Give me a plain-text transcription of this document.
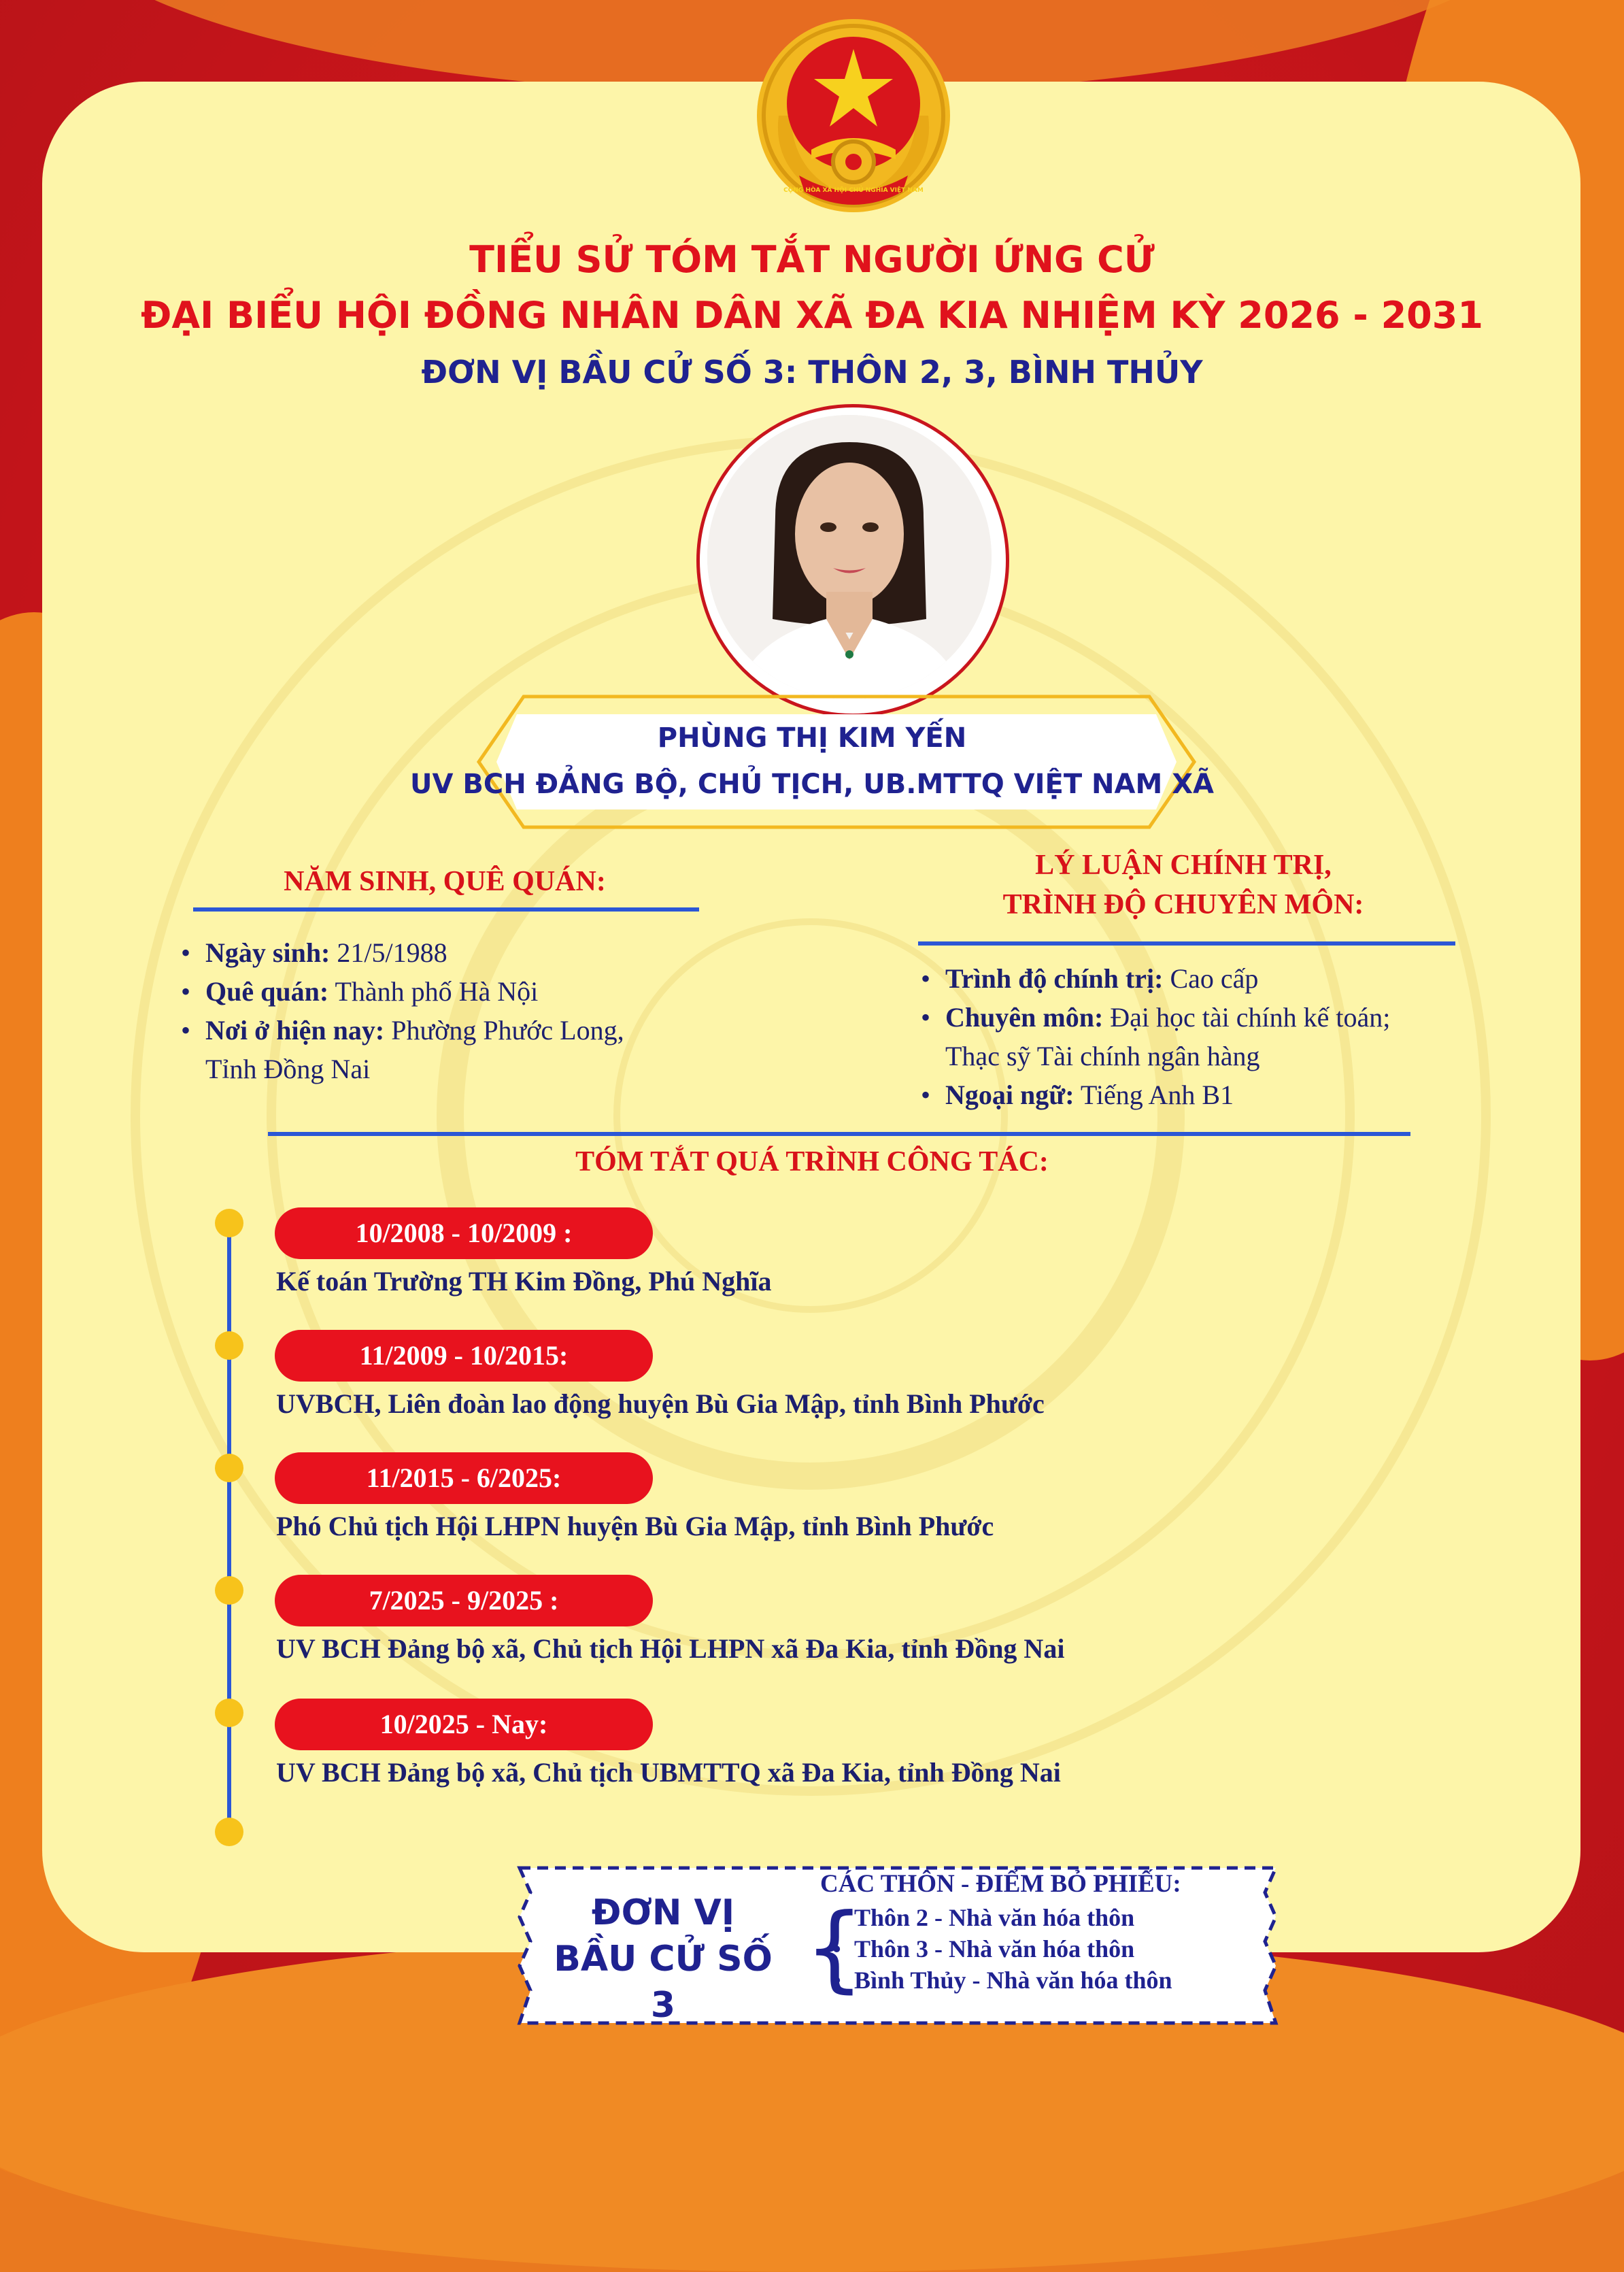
CỘNG HÒA XÃ HỘI CHỦ NGHĨA VIỆT NAM

TIỂU SỬ TÓM TẮT NGƯỜI ỨNG CỬ

ĐẠI BIỂU HỘI ĐỒNG NHÂN DÂN XÃ ĐA KIA NHIỆM KỲ 2026 - 2031

ĐƠN VỊ BẦU CỬ SỐ 3: THÔN 2, 3, BÌNH THỦY

PHÙNG THỊ KIM YẾN

UV BCH ĐẢNG BỘ, CHỦ TỊCH, UB.MTTQ VIỆT NAM XÃ

NĂM SINH, QUÊ QUÁN:

• Ngày sinh: 21/5/1988
• Quê quán: Thành phố Hà Nội
• Nơi ở hiện nay: Phường Phước Long,
Tỉnh Đồng Nai

LÝ LUẬN CHÍNH TRỊ,

TRÌNH ĐỘ CHUYÊN MÔN:

• Trình độ chính trị: Cao cấp
• Chuyên môn: Đại học tài chính kế toán;
Thạc sỹ Tài chính ngân hàng
• Ngoại ngữ: Tiếng Anh B1

TÓM TẮT QUÁ TRÌNH CÔNG TÁC:

10/2008 - 10/2009 :

Kế toán Trường TH Kim Đồng, Phú Nghĩa

11/2009 - 10/2015:

UVBCH, Liên đoàn lao động huyện Bù Gia Mập, tỉnh Bình Phước

11/2015 - 6/2025:

Phó Chủ tịch Hội LHPN huyện Bù Gia Mập, tỉnh Bình Phước

7/2025 - 9/2025 :

UV BCH Đảng bộ xã, Chủ tịch Hội LHPN xã Đa Kia, tỉnh Đồng Nai

10/2025 - Nay:

UV BCH Đảng bộ xã, Chủ tịch UBMTTQ xã Đa Kia, tỉnh Đồng Nai

ĐƠN VỊ
BẦU CỬ SỐ 3

CÁC THÔN - ĐIỂM BỎ PHIẾU:

{
• Thôn 2 - Nhà văn hóa thôn
• Thôn 3 - Nhà văn hóa thôn
• Bình Thủy - Nhà văn hóa thôn
